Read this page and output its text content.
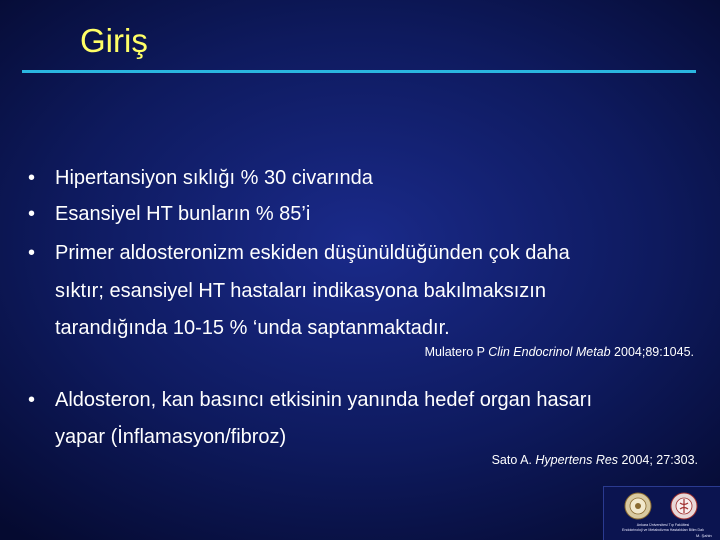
Giriş
• Hipertansiyon sıklığı % 30 civarında
• Esansiyel HT bunların % 85’i
• Primer aldosteronizm eskiden düşünüldüğünden çok daha
sıktır; esansiyel HT hastaları indikasyona bakılmaksızın
tarandığında 10-15 % ‘unda saptanmaktadır.
Mulatero P Clin Endocrinol Metab 2004;89:1045.
• Aldosteron, kan basıncı etkisinin yanında hedef organ hasarı
yapar (İnflamasyon/fibroz)
Sato A. Hypertens Res 2004; 27:303.
Ankara Üniversitesi Tıp Fakültesi
Endokrinoloji ve Metabolizma Hastalıkları Bilim Dalı
M. Şahin
